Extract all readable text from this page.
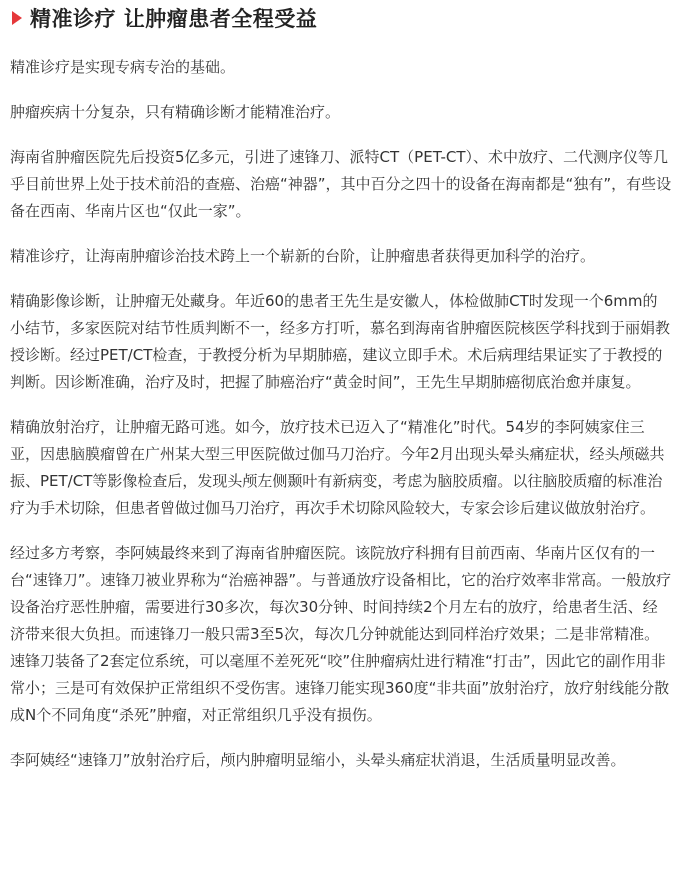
精准诊疗 让肿瘤患者全程受益

精准诊疗是实现专病专治的基础。

肿瘤疾病十分复杂，只有精确诊断才能精准治疗。

海南省肿瘤医院先后投资5亿多元，引进了速锋刀、派特CT（PET-CT）、术中放疗、二代测序仪等几乎目前世界上处于技术前沿的查癌、治癌“神器”，其中百分之四十的设备在海南都是“独有”，有些设备在西南、华南片区也“仅此一家”。

精准诊疗，让海南肿瘤诊治技术跨上一个崭新的台阶，让肿瘤患者获得更加科学的治疗。

精确影像诊断，让肿瘤无处藏身。年近60的患者王先生是安徽人，体检做肺CT时发现一个6mm的小结节，多家医院对结节性质判断不一，经多方打听，慕名到海南省肿瘤医院核医学科找到于丽娟教授诊断。经过PET/CT检查，于教授分析为早期肺癌，建议立即手术。术后病理结果证实了于教授的判断。因诊断准确，治疗及时，把握了肺癌治疗“黄金时间”，王先生早期肺癌彻底治愈并康复。

精确放射治疗，让肿瘤无路可逃。如今，放疗技术已迈入了“精准化”时代。54岁的李阿姨家住三亚，因患脑膜瘤曾在广州某大型三甲医院做过伽马刀治疗。今年2月出现头晕头痛症状，经头颅磁共振、PET/CT等影像检查后，发现头颅左侧颞叶有新病变，考虑为脑胶质瘤。以往脑胶质瘤的标准治疗为手术切除，但患者曾做过伽马刀治疗，再次手术切除风险较大，专家会诊后建议做放射治疗。

经过多方考察，李阿姨最终来到了海南省肿瘤医院。该院放疗科拥有目前西南、华南片区仅有的一台“速锋刀”。速锋刀被业界称为“治癌神器”。与普通放疗设备相比，它的治疗效率非常高。一般放疗设备治疗恶性肿瘤，需要进行30多次，每次30分钟、时间持续2个月左右的放疗，给患者生活、经济带来很大负担。而速锋刀一般只需3至5次，每次几分钟就能达到同样治疗效果；二是非常精准。速锋刀装备了2套定位系统，可以毫厘不差死死“咬”住肿瘤病灶进行精准“打击”，因此它的副作用非常小；三是可有效保护正常组织不受伤害。速锋刀能实现360度“非共面”放射治疗，放疗射线能分散成N个不同角度“杀死”肿瘤，对正常组织几乎没有损伤。

李阿姨经“速锋刀”放射治疗后，颅内肿瘤明显缩小，头晕头痛症状消退，生活质量明显改善。
